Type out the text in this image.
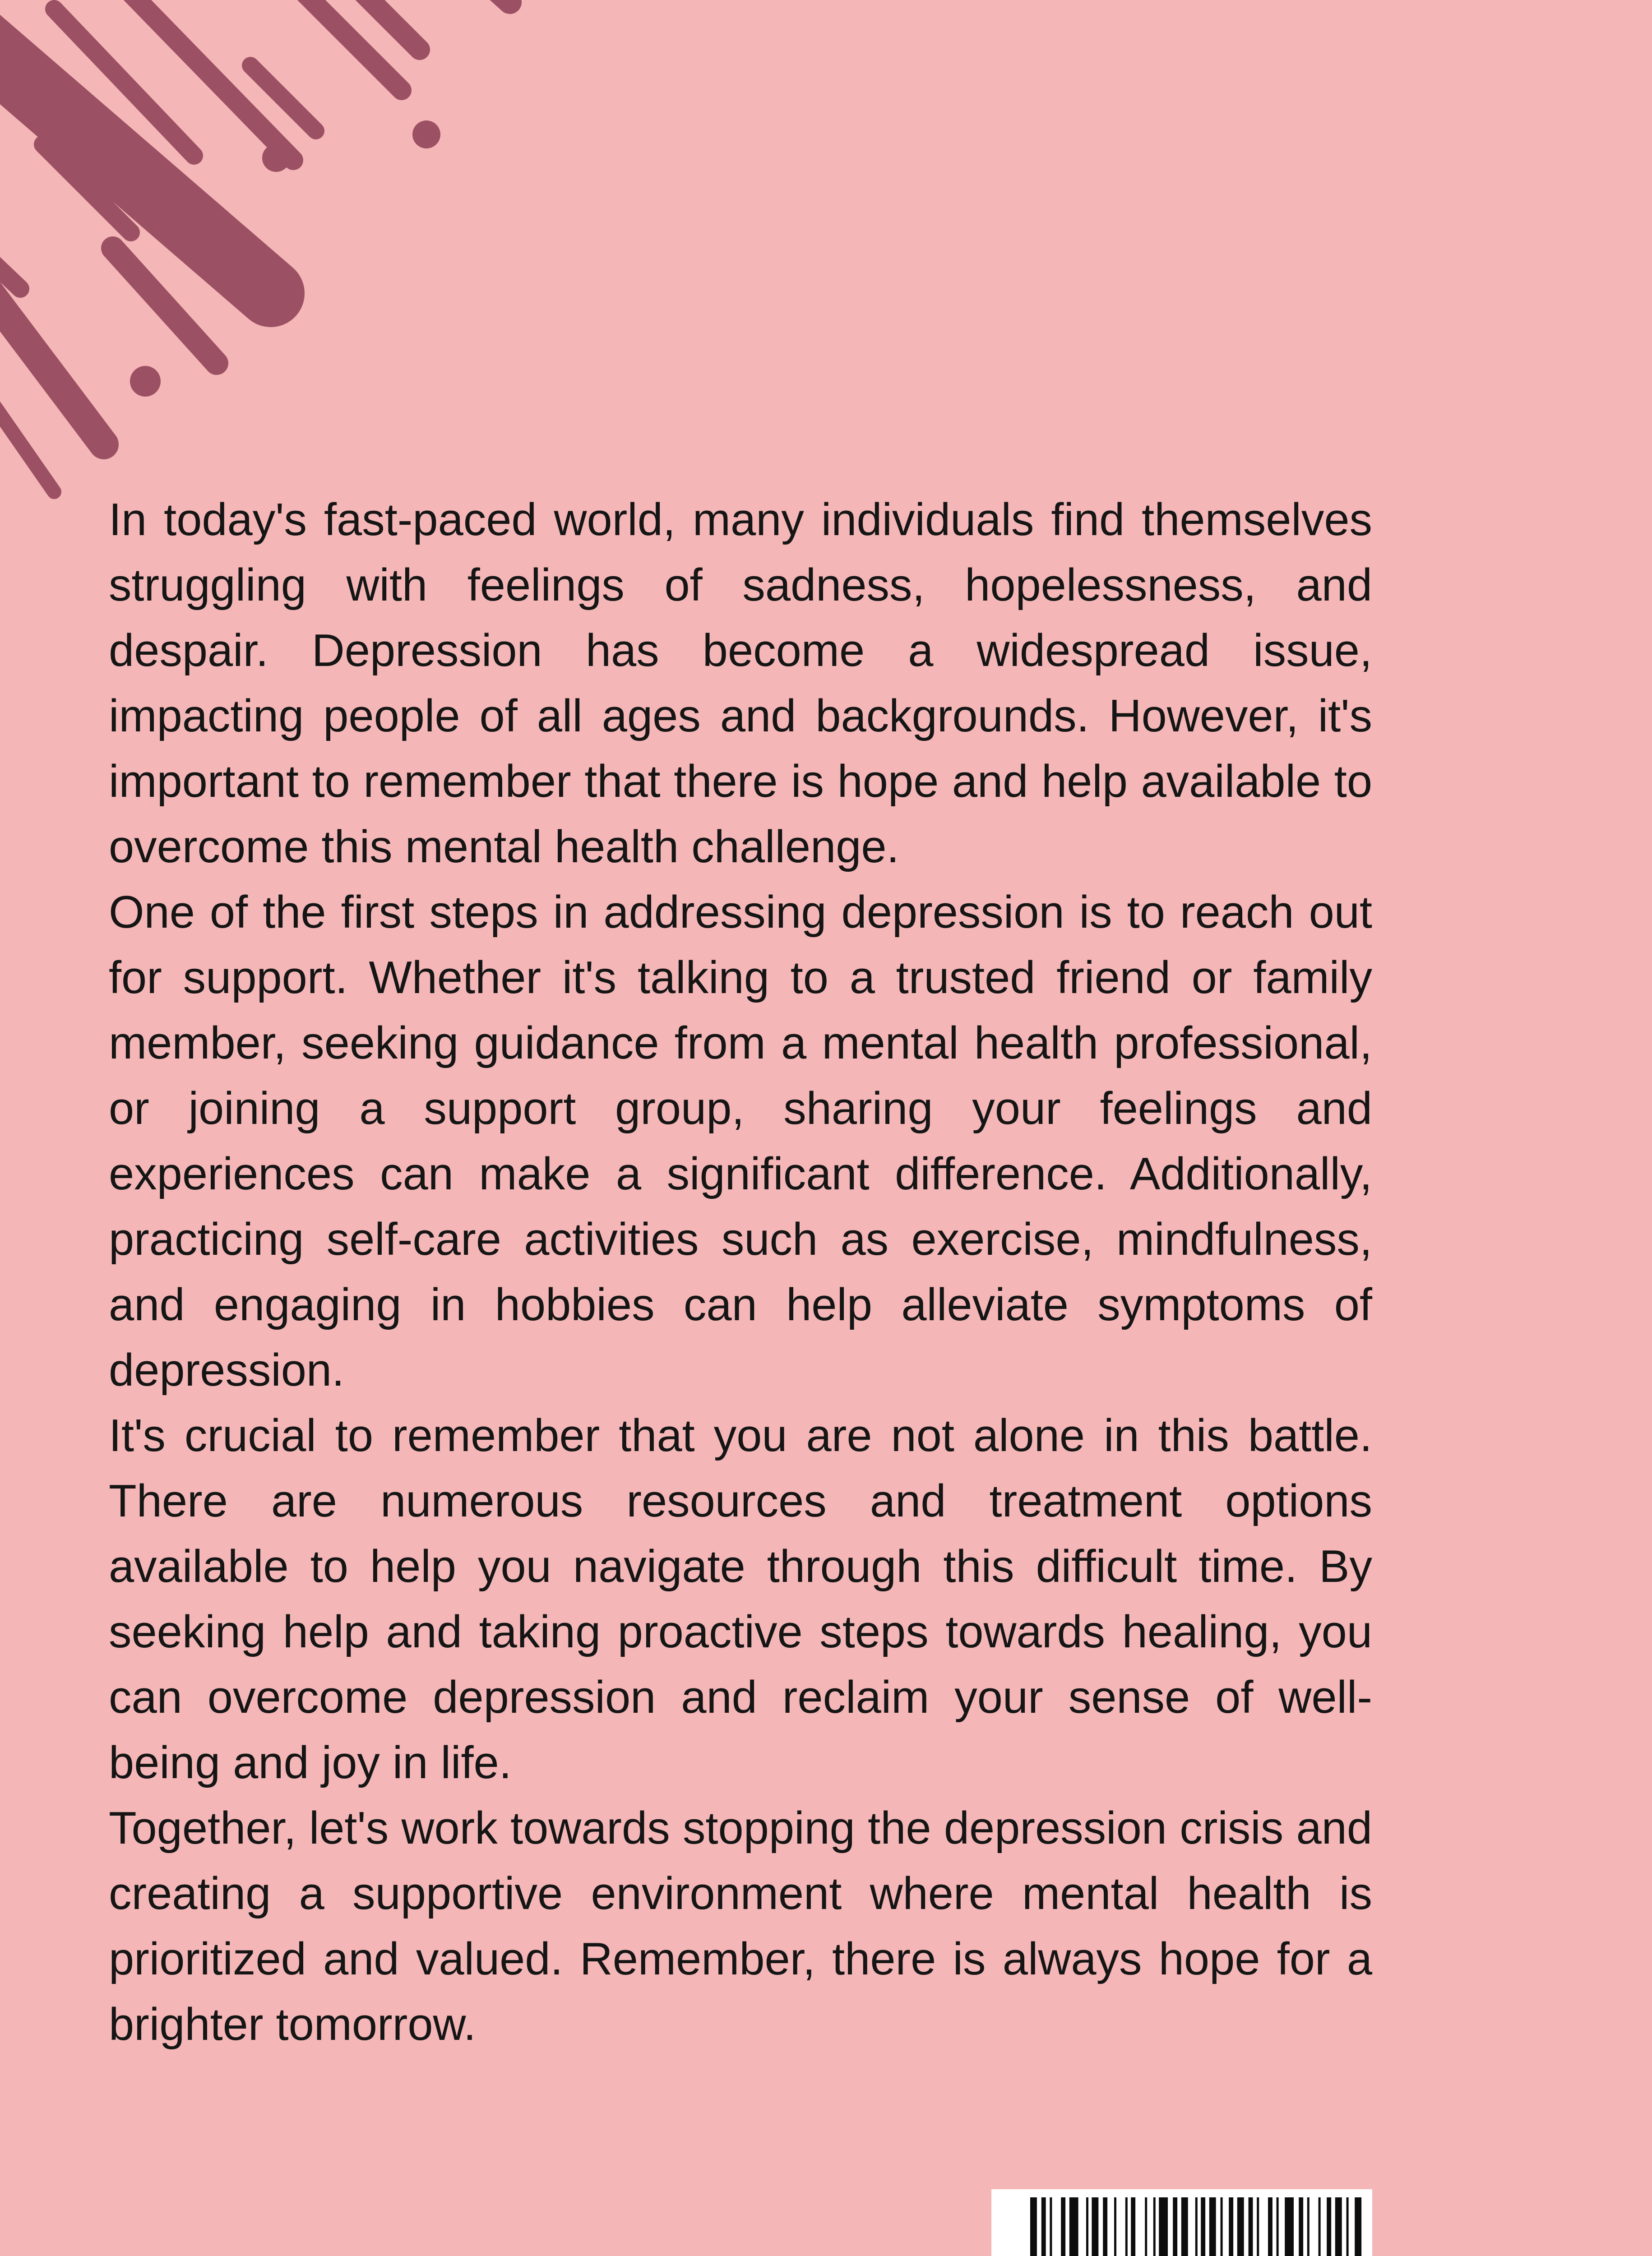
In today's fast-paced world, many individuals find themselves struggling with feelings of sadness, hopelessness, and despair. Depression has become a widespread issue, impacting people of all ages and backgrounds. However, it's important to remember that there is hope and help available to overcome this mental health challenge.

One of the first steps in addressing depression is to reach out for support. Whether it's talking to a trusted friend or family member, seeking guidance from a mental health professional, or joining a support group, sharing your feelings and experiences can make a significant difference. Additionally, practicing self-care activities such as exercise, mindfulness, and engaging in hobbies can help alleviate symptoms of depression.

It's crucial to remember that you are not alone in this battle. There are numerous resources and treatment options available to help you navigate through this difficult time. By seeking help and taking proactive steps towards healing, you can overcome depression and reclaim your sense of well-being and joy in life.

Together, let's work towards stopping the depression crisis and creating a supportive environment where mental health is prioritized and valued. Remember, there is always hope for a brighter tomorrow.
